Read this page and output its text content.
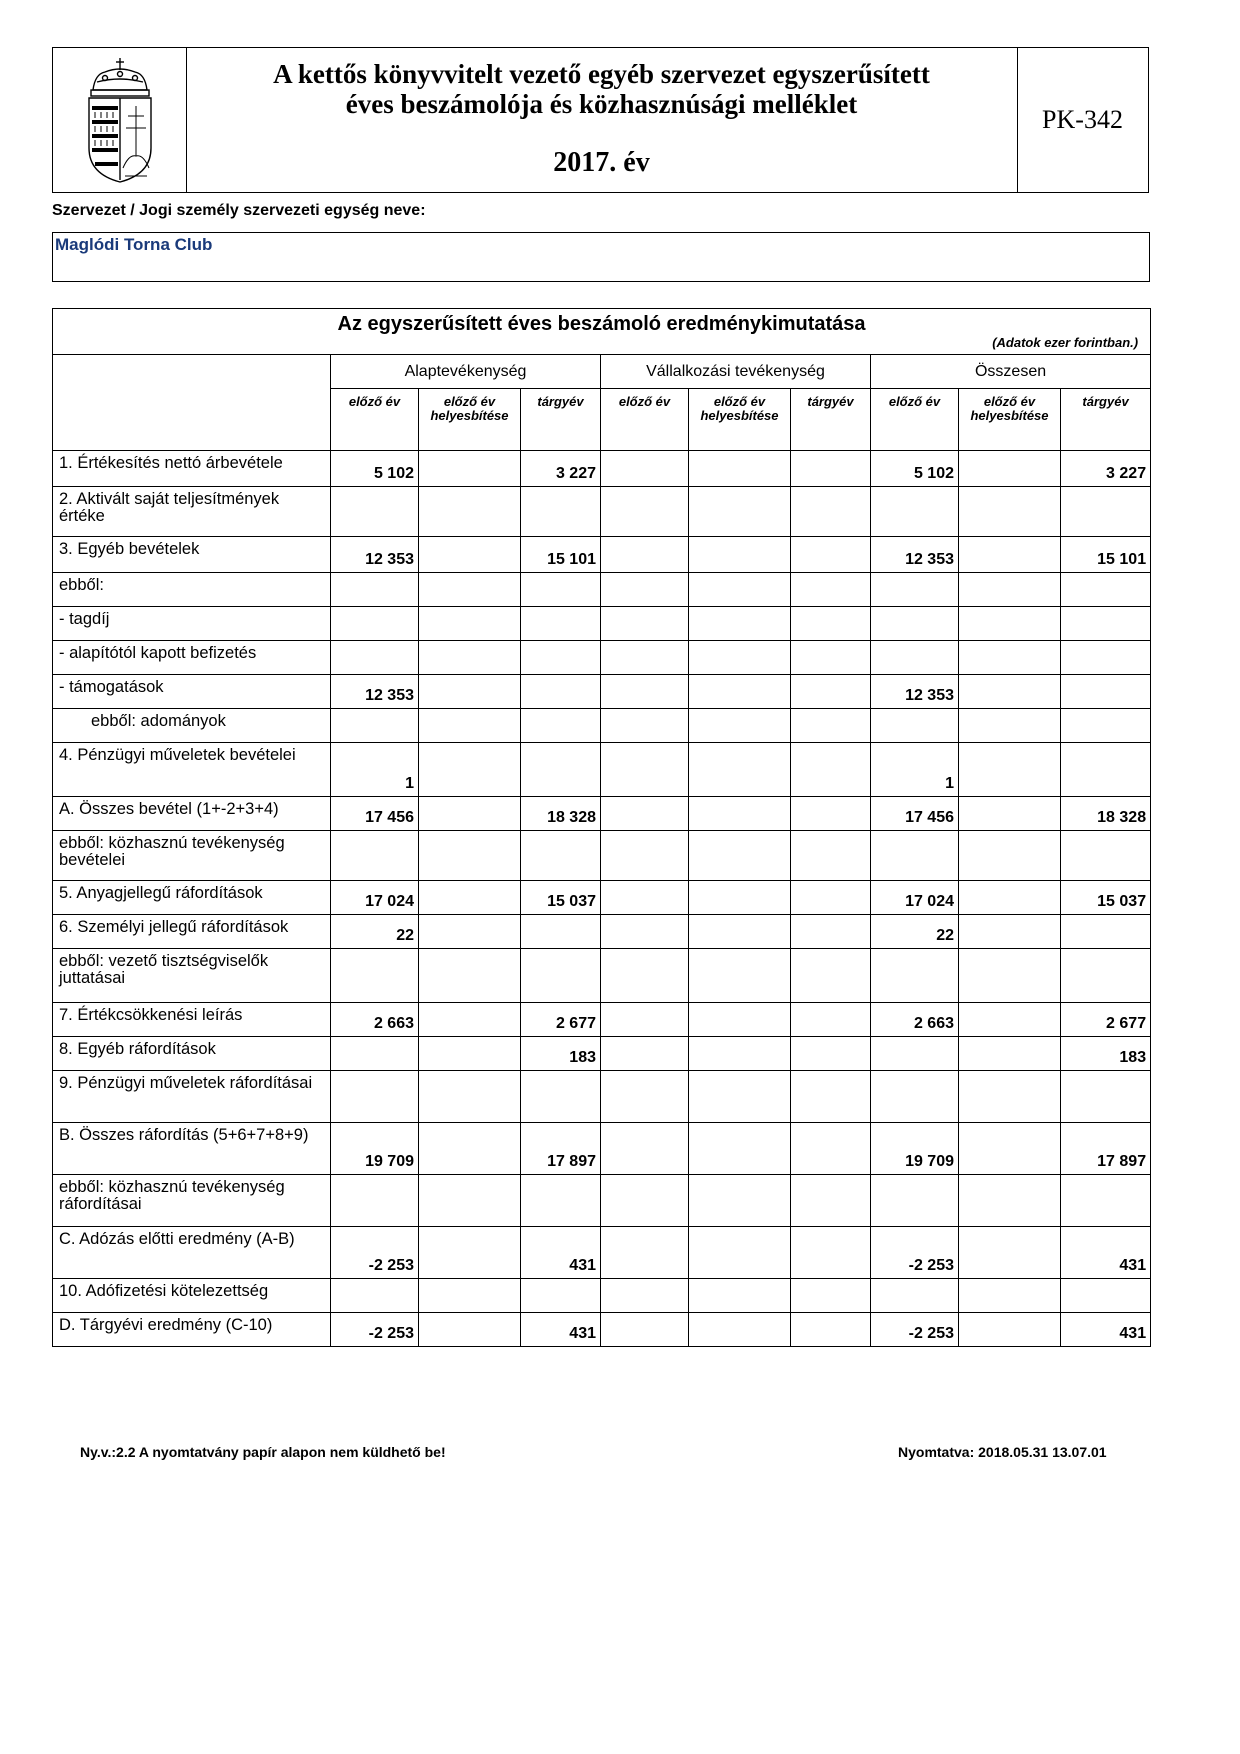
A kettős könyvvitelt vezető egyéb szervezet egyszerűsített
éves beszámolója és közhasznúsági melléklet
2017. év
PK-342
Szervezet / Jogi személy szervezeti egység neve:
Maglódi Torna Club
Az egyszerűsített éves beszámoló eredménykimutatása
(Adatok ezer forintban.)									

	Alaptevékenység			Vállalkozási tevékenység			Összesen		
	előző év	előző év helyesbítése	tárgyév	előző év	előző év helyesbítése	tárgyév	előző év	előző év helyesbítése	tárgyév
1. Értékesítés nettó árbevétele	5 102		3 227				5 102		3 227
2. Aktivált saját teljesítmények értéke									
3. Egyéb bevételek	12 353		15 101				12 353		15 101
ebből:									
- tagdíj									
- alapítótól kapott befizetés									
- támogatások	12 353						12 353		
ebből: adományok									
4. Pénzügyi műveletek bevételei	1						1		
A. Összes bevétel (1+-2+3+4)	17 456		18 328				17 456		18 328
ebből: közhasznú tevékenység bevételei									
5. Anyagjellegű ráfordítások	17 024		15 037				17 024		15 037
6. Személyi jellegű ráfordítások	22						22		
ebből: vezető tisztségviselők juttatásai									
7. Értékcsökkenési leírás	2 663		2 677				2 663		2 677
8. Egyéb ráfordítások			183						183
9. Pénzügyi műveletek ráfordításai									
B. Összes ráfordítás (5+6+7+8+9)	19 709		17 897				19 709		17 897
ebből: közhasznú tevékenység ráfordításai									
C. Adózás előtti eredmény (A-B)	-2 253		431				-2 253		431
10. Adófizetési kötelezettség									
D. Tárgyévi eredmény (C-10)	-2 253		431				-2 253		431
Ny.v.:2.2 A nyomtatvány papír alapon nem küldhető be!	Nyomtatva: 2018.05.31 13.07.01
